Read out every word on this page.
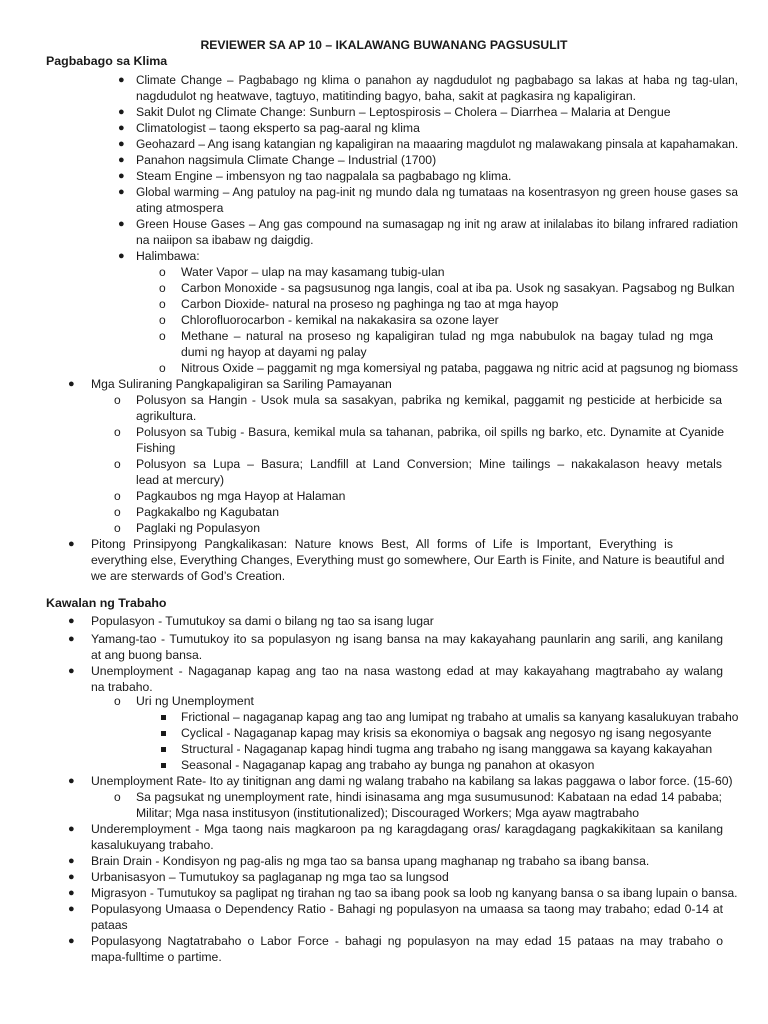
REVIEWER SA AP 10 – IKALAWANG BUWANANG PAGSUSULIT
Pagbabago sa Klima
● Climate Change – Pagbabago ng klima o panahon ay nagdudulot ng pagbabago sa lakas at haba ng tag-ulan,
nagdudulot ng heatwave, tagtuyo, matitinding bagyo, baha, sakit at pagkasira ng kapaligiran.
● Sakit Dulot ng Climate Change: Sunburn – Leptospirosis – Cholera – Diarrhea – Malaria at Dengue
● Climatologist – taong eksperto sa pag-aaral ng klima
● Geohazard – Ang isang katangian ng kapaligiran na maaaring magdulot ng malawakang pinsala at kapahamakan.
● Panahon nagsimula Climate Change – Industrial (1700)
● Steam Engine – imbensyon ng tao nagpalala sa pagbabago ng klima.
● Global warming – Ang patuloy na pag-init ng mundo dala ng tumataas na kosentrasyon ng green house gases sa
ating atmospera
● Green House Gases – Ang gas compound na sumasagap ng init ng araw at inilalabas ito bilang infrared radiation
na naiipon sa ibabaw ng daigdig.
● Halimbawa:
o Water Vapor – ulap na may kasamang tubig-ulan
o Carbon Monoxide - sa pagsusunog nga langis, coal at iba pa. Usok ng sasakyan. Pagsabog ng Bulkan
o Carbon Dioxide- natural na proseso ng paghinga ng tao at mga hayop
o Chlorofluorocarbon - kemikal na nakakasira sa ozone layer
o Methane – natural na proseso ng kapaligiran tulad ng mga nabubulok na bagay tulad ng mga
dumi ng hayop at dayami ng palay
o Nitrous Oxide – paggamit ng mga komersiyal ng pataba, paggawa ng nitric acid at pagsunog ng biomass
● Mga Suliraning Pangkapaligiran sa Sariling Pamayanan
o Polusyon sa Hangin - Usok mula sa sasakyan, pabrika ng kemikal, paggamit ng pesticide at herbicide sa
agrikultura.
o Polusyon sa Tubig - Basura, kemikal mula sa tahanan, pabrika, oil spills ng barko, etc. Dynamite at Cyanide
Fishing
o Polusyon sa Lupa – Basura; Landfill at Land Conversion; Mine tailings – nakakalason heavy metals
lead at mercury)
o Pagkaubos ng mga Hayop at Halaman
o Pagkakalbo ng Kagubatan
o Paglaki ng Populasyon
● Pitong Prinsipyong Pangkalikasan: Nature knows Best, All forms of Life is Important, Everything is
everything else, Everything Changes, Everything must go somewhere, Our Earth is Finite, and Nature is beautiful and
we are sterwards of God’s Creation.
Kawalan ng Trabaho
● Populasyon - Tumutukoy sa dami o bilang ng tao sa isang lugar
● Yamang-tao - Tumutukoy ito sa populasyon ng isang bansa na may kakayahang paunlarin ang sarili, ang kanilang
at ang buong bansa.
● Unemployment - Nagaganap kapag ang tao na nasa wastong edad at may kakayahang magtrabaho ay walang
na trabaho.
o Uri ng Unemployment
Frictional – nagaganap kapag ang tao ang lumipat ng trabaho at umalis sa kanyang kasalukuyan trabaho
Cyclical - Nagaganap kapag may krisis sa ekonomiya o bagsak ang negosyo ng isang negosyante
Structural - Nagaganap kapag hindi tugma ang trabaho ng isang manggawa sa kayang kakayahan
Seasonal - Nagaganap kapag ang trabaho ay bunga ng panahon at okasyon
● Unemployment Rate- Ito ay tinitignan ang dami ng walang trabaho na kabilang sa lakas paggawa o labor force. (15-60)
o Sa pagsukat ng unemployment rate, hindi isinasama ang mga susumusunod: Kabataan na edad 14 pababa;
Militar; Mga nasa institusyon (institutionalized); Discouraged Workers; Mga ayaw magtrabaho
● Underemployment - Mga taong nais magkaroon pa ng karagdagang oras/ karagdagang pagkakikitaan sa kanilang
kasalukuyang trabaho.
● Brain Drain - Kondisyon ng pag-alis ng mga tao sa bansa upang maghanap ng trabaho sa ibang bansa.
● Urbanisasyon – Tumutukoy sa paglaganap ng mga tao sa lungsod
● Migrasyon - Tumutukoy sa paglipat ng tirahan ng tao sa ibang pook sa loob ng kanyang bansa o sa ibang lupain o bansa.
● Populasyong Umaasa o Dependency Ratio - Bahagi ng populasyon na umaasa sa taong may trabaho; edad 0-14 at
pataas
● Populasyong Nagtatrabaho o Labor Force - bahagi ng populasyon na may edad 15 pataas na may trabaho o
mapa-fulltime o partime.
